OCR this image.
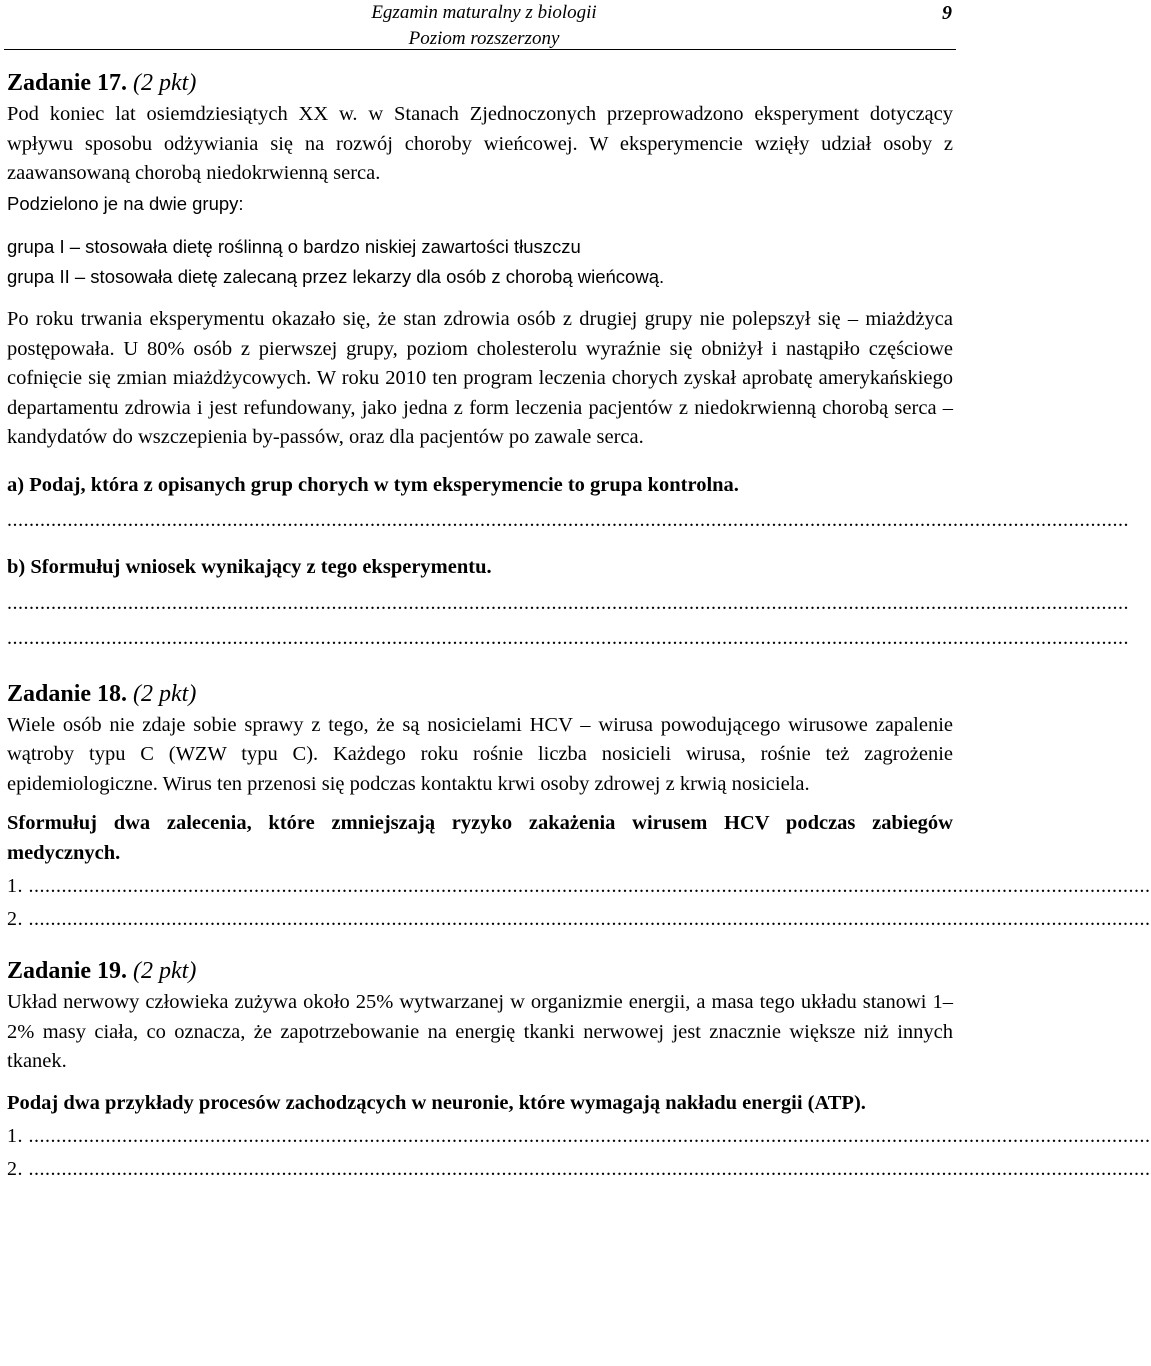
Egzamin maturalny z biologii
Poziom rozszerzony
9
Zadanie 17. (2 pkt)

Pod koniec lat osiemdziesiątych XX w. w Stanach Zjednoczonych przeprowadzono eksperyment dotyczący wpływu sposobu odżywiania się na rozwój choroby wieńcowej. W eksperymencie wzięły udział osoby z zaawansowaną chorobą niedokrwienną serca.

Podzielono je na dwie grupy:

grupa I – stosowała dietę roślinną o bardzo niskiej zawartości tłuszczu

grupa II – stosowała dietę zalecaną przez lekarzy dla osób z chorobą wieńcową.

Po roku trwania eksperymentu okazało się, że stan zdrowia osób z drugiej grupy nie polepszył się – miażdżyca postępowała. U 80% osób z pierwszej grupy, poziom cholesterolu wyraźnie się obniżył i nastąpiło częściowe cofnięcie się zmian miażdżycowych. W roku 2010 ten program leczenia chorych zyskał aprobatę amerykańskiego departamentu zdrowia i jest refundowany, jako jedna z form leczenia pacjentów z niedokrwienną chorobą serca – kandydatów do wszczepienia by-passów, oraz dla pacjentów po zawale serca.

a) Podaj, która z opisanych grup chorych w tym eksperymencie to grupa kontrolna.
............................................................................................................................................................................................................
b) Sformułuj wniosek wynikający z tego eksperymentu.
............................................................................................................................................................................................................
............................................................................................................................................................................................................
Zadanie 18. (2 pkt)

Wiele osób nie zdaje sobie sprawy z tego, że są nosicielami HCV – wirusa powodującego wirusowe zapalenie wątroby typu C (WZW typu C). Każdego roku rośnie liczba nosicieli wirusa, rośnie też zagrożenie epidemiologiczne. Wirus ten przenosi się podczas kontaktu krwi osoby zdrowej z krwią nosiciela.

Sformułuj dwa zalecenia, które zmniejszają ryzyko zakażenia wirusem HCV podczas zabiegów medycznych.

1. ............................................................................................................................................................................................................
2. ............................................................................................................................................................................................................
Zadanie 19. (2 pkt)

Układ nerwowy człowieka zużywa około 25% wytwarzanej w organizmie energii, a masa tego układu stanowi 1–2% masy ciała, co oznacza, że zapotrzebowanie na energię tkanki nerwowej jest znacznie większe niż innych tkanek.

Podaj dwa przykłady procesów zachodzących w neuronie, które wymagają nakładu energii (ATP).

1. ............................................................................................................................................................................................................
2. ............................................................................................................................................................................................................
